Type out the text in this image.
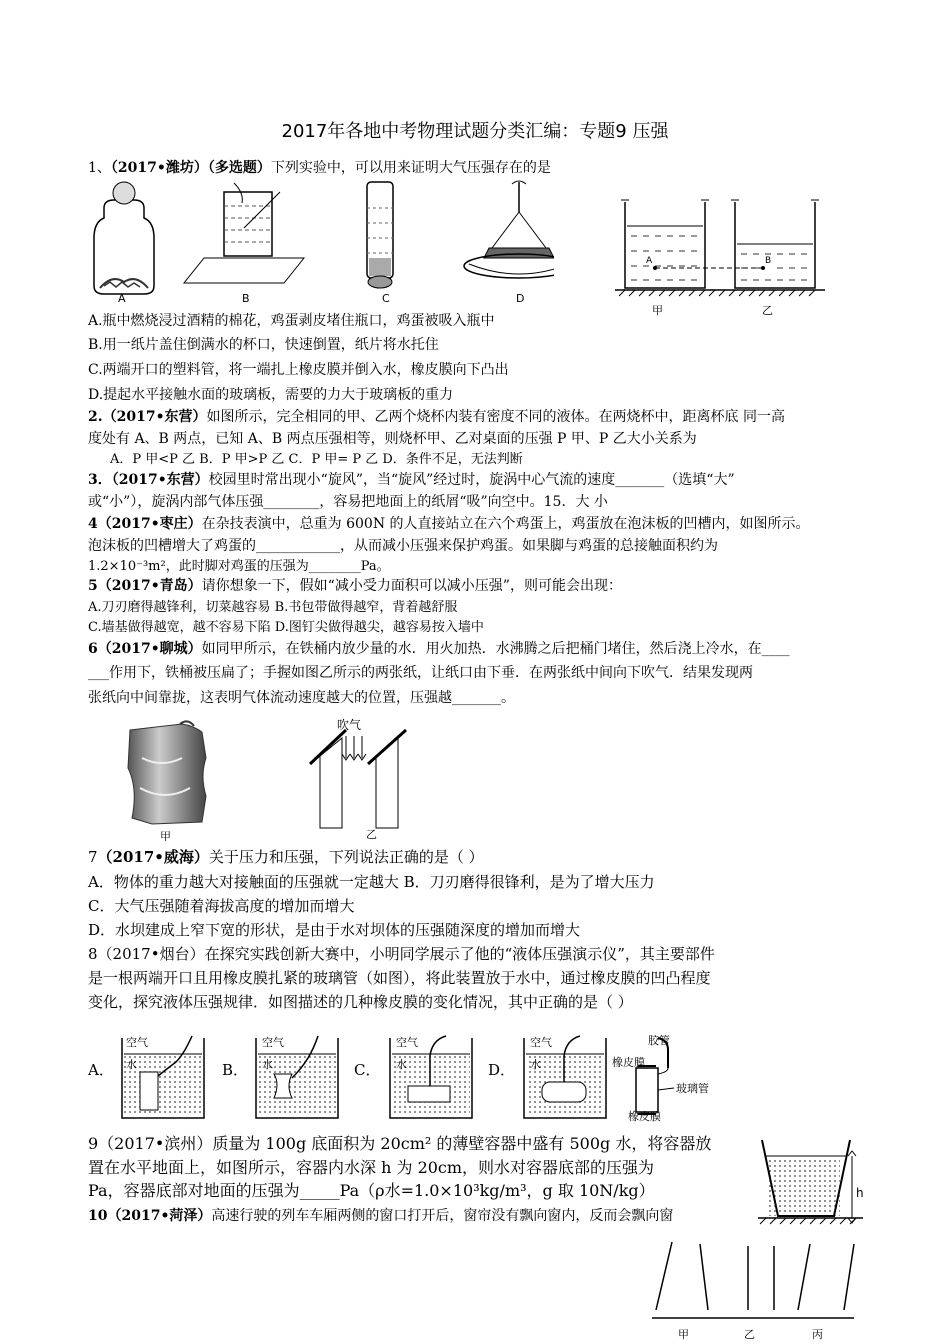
2017年各地中考物理试题分类汇编：专题9 压强
1、（2017•潍坊）（多选题）下列实验中，可以用来证明大气压强存在的是
A	B	C	D
A	B
甲	乙
A.瓶中燃烧浸过酒精的棉花，鸡蛋剥皮堵住瓶口，鸡蛋被吸入瓶中
B.用一纸片盖住倒满水的杯口，快速倒置，纸片将水托住
C.两端开口的塑料管，将一端扎上橡皮膜并倒入水，橡皮膜向下凸出
D.提起水平接触水面的玻璃板，需要的力大于玻璃板的重力
2.（2017•东营）如图所示，完全相同的甲、乙两个烧杯内装有密度不同的液体。在两烧杯中，距离杯底 同一高
度处有 A、B 两点，已知 A、B 两点压强相等，则烧杯甲、乙对桌面的压强 P 甲、P 乙大小关系为
A．P 甲<P 乙 B．P 甲>P 乙 C．P 甲= P 乙 D．条件不足，无法判断
3．（2017•东营）校园里时常出现小“旋风”，当“旋风”经过时，旋涡中心气流的速度_______（选填“大”
或“小”），旋涡内部气体压强________，容易把地面上的纸屑“吸”向空中。15．大 小
4（2017•枣庄）在杂技表演中，总重为 600N 的人直接站立在六个鸡蛋上，鸡蛋放在泡沫板的凹槽内，如图所示。
泡沫板的凹槽增大了鸡蛋的____________，从而减小压强来保护鸡蛋。如果脚与鸡蛋的总接触面积约为
1.2×10⁻³m²，此时脚对鸡蛋的压强为________Pa。
5（2017•青岛）请你想象一下，假如“减小受力面积可以减小压强”，则可能会出现：
A.刀刃磨得越锋利，切菜越容易 B.书包带做得越窄，背着越舒服
C.墙基做得越宽，越不容易下陷 D.图钉尖做得越尖，越容易按入墙中
6（2017•聊城）如同甲所示，在铁桶内放少量的水．用火加热．水沸腾之后把桶门堵住，然后浇上冷水，在____
___作用下，铁桶被压扁了；手握如图乙所示的两张纸，让纸口由下垂．在两张纸中间向下吹气．结果发现两
张纸向中间靠拢，这表明气体流动速度越大的位置，压强越_______。
甲
吹气
乙
7（2017•威海）关于压力和压强，下列说法正确的是（ ）
A．物体的重力越大对接触面的压强就一定越大 B．刀刃磨得很锋利，是为了增大压力
C．大气压强随着海拔高度的增加而增大
D．水坝建成上窄下宽的形状，是由于水对坝体的压强随深度的增加而增大
8（2017•烟台）在探究实践创新大赛中，小明同学展示了他的“液体压强演示仪”，其主要部件
是一根两端开口且用橡皮膜扎紧的玻璃管（如图），将此装置放于水中，通过橡皮膜的凹凸程度
变化，探究液体压强规律．如图描述的几种橡皮膜的变化情况，其中正确的是（ ）
A．	B．	C．	D．
空气
水
空气
水
空气
水
空气
水
胶管
橡皮膜
玻璃管
橡皮膜
9（2017•滨州）质量为 100g 底面积为 20cm² 的薄壁容器中盛有 500g 水，将容器放
置在水平地面上，如图所示，容器内水深 h 为 20cm，则水对容器底部的压强为
Pa，容器底部对地面的压强为_____Pa（ρ水=1.0×10³kg/m³，g 取 10N/kg）	h
10（2017•菏泽）高速行驶的列车车厢两侧的窗口打开后，窗帘没有飘向窗内，反而会飘向窗
甲	乙	丙
